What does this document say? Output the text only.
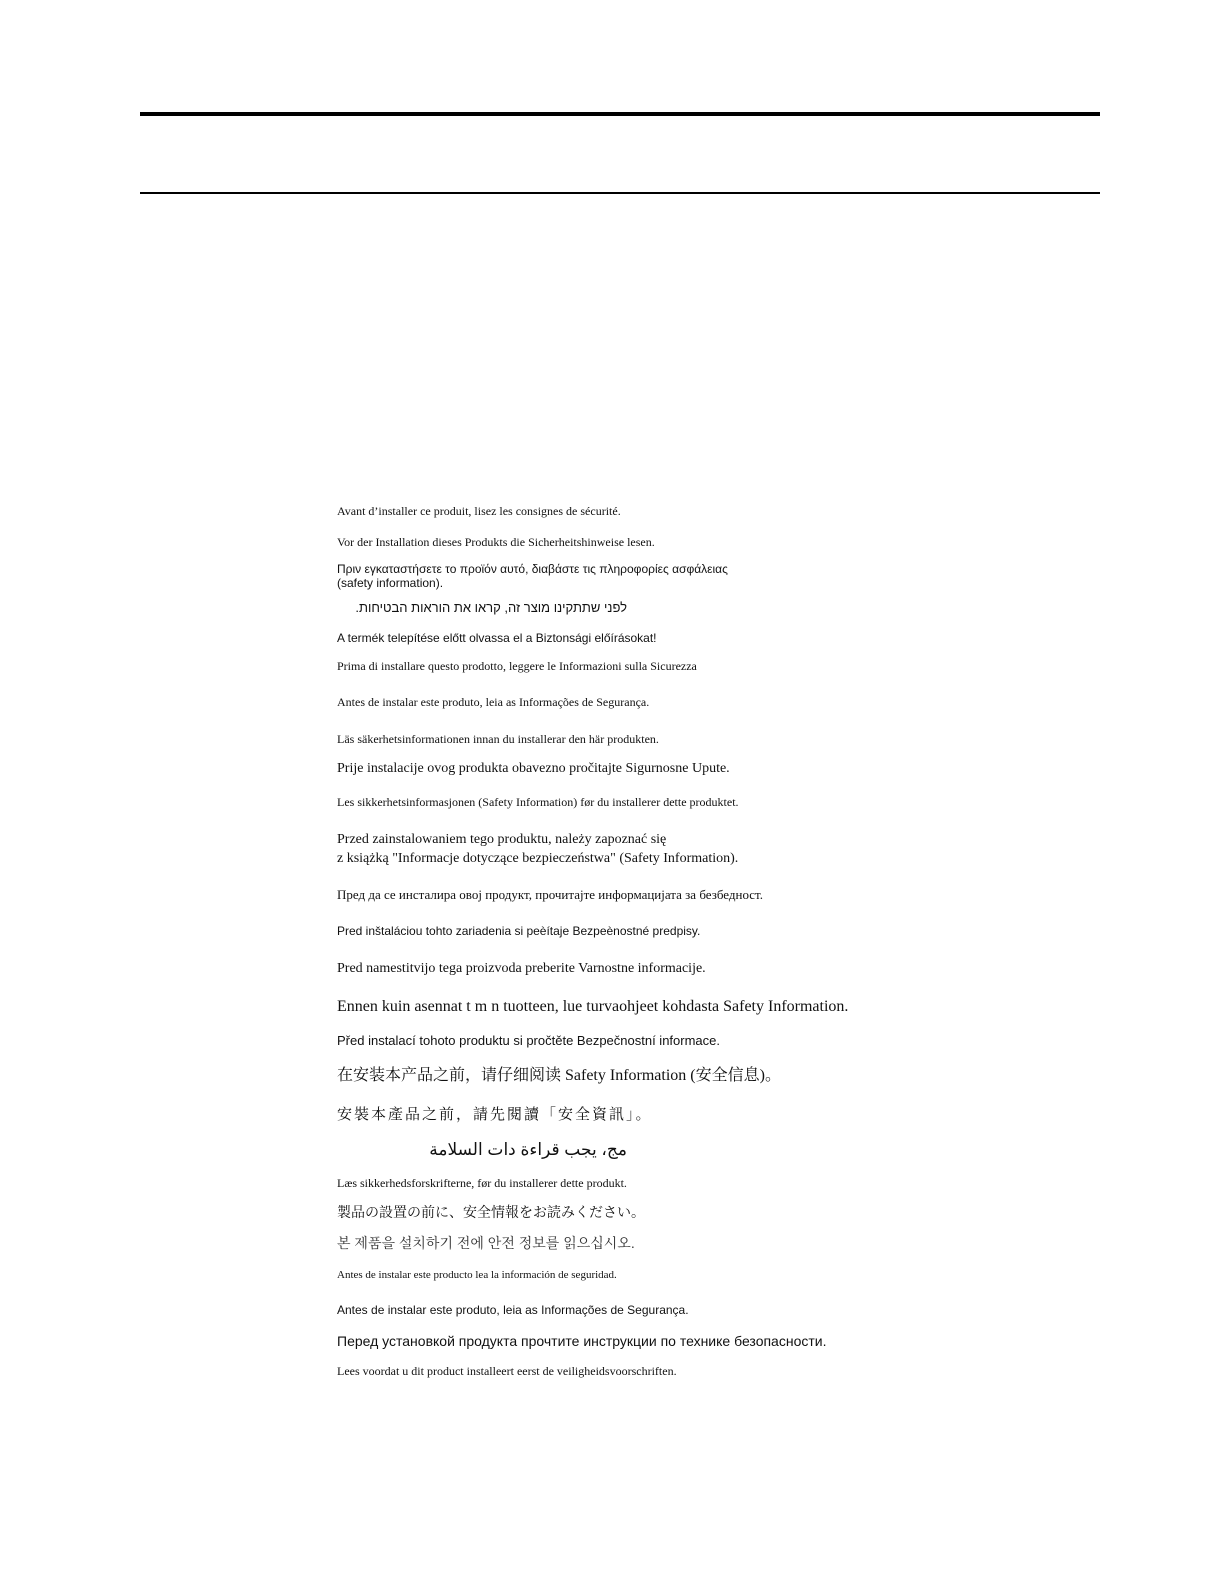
Avant d’installer ce produit, lisez les consignes de sécurité.
Vor der Installation dieses Produkts die Sicherheitshinweise lesen.
Πριν εγκαταστήσετε το προϊόν αυτό, διαβάστε τις πληροφορίες ασφάλειας
(safety information).
לפני שתתקינו מוצר זה, קראו את הוראות הבטיחות.
A termék telepítése előtt olvassa el a Biztonsági előírásokat!
Prima di installare questo prodotto, leggere le Informazioni sulla Sicurezza
Antes de instalar este produto, leia as Informações de Segurança.
Läs säkerhetsinformationen innan du installerar den här produkten.
Prije instalacije ovog produkta obavezno pročitajte Sigurnosne Upute.
Les sikkerhetsinformasjonen (Safety Information) før du installerer dette produktet.
Przed zainstalowaniem tego produktu, należy zapoznać się
z książką "Informacje dotyczące bezpieczeństwa" (Safety Information).
Пред да се инсталира овој продукт, прочитајте информацијата за безбедност.
Pred inštaláciou tohto zariadenia si peèítaje Bezpeènostné predpisy.
Pred namestitvijo tega proizvoda preberite Varnostne informacije.
Ennen kuin asennat t m n tuotteen, lue turvaohjeet kohdasta Safety Information.
Před instalací tohoto produktu si pročtěte Bezpečnostní informace.
在安装本产品之前，请仔细阅读 Safety Information (安全信息)。
安裝本產品之前，請先閱讀「安全資訊」。
مج، يجب قراءة دات السلامة
Læs sikkerhedsforskrifterne, før du installerer dette produkt.
製品の設置の前に、安全情報をお読みください。
본 제품을 설치하기 전에 안전 정보를 읽으십시오.
Antes de instalar este producto lea la información de seguridad.
Antes de instalar este produto, leia as Informações de Segurança.
Перед установкой продукта прочтите инструкции по технике безопасности.
Lees voordat u dit product installeert eerst de veiligheidsvoorschriften.
